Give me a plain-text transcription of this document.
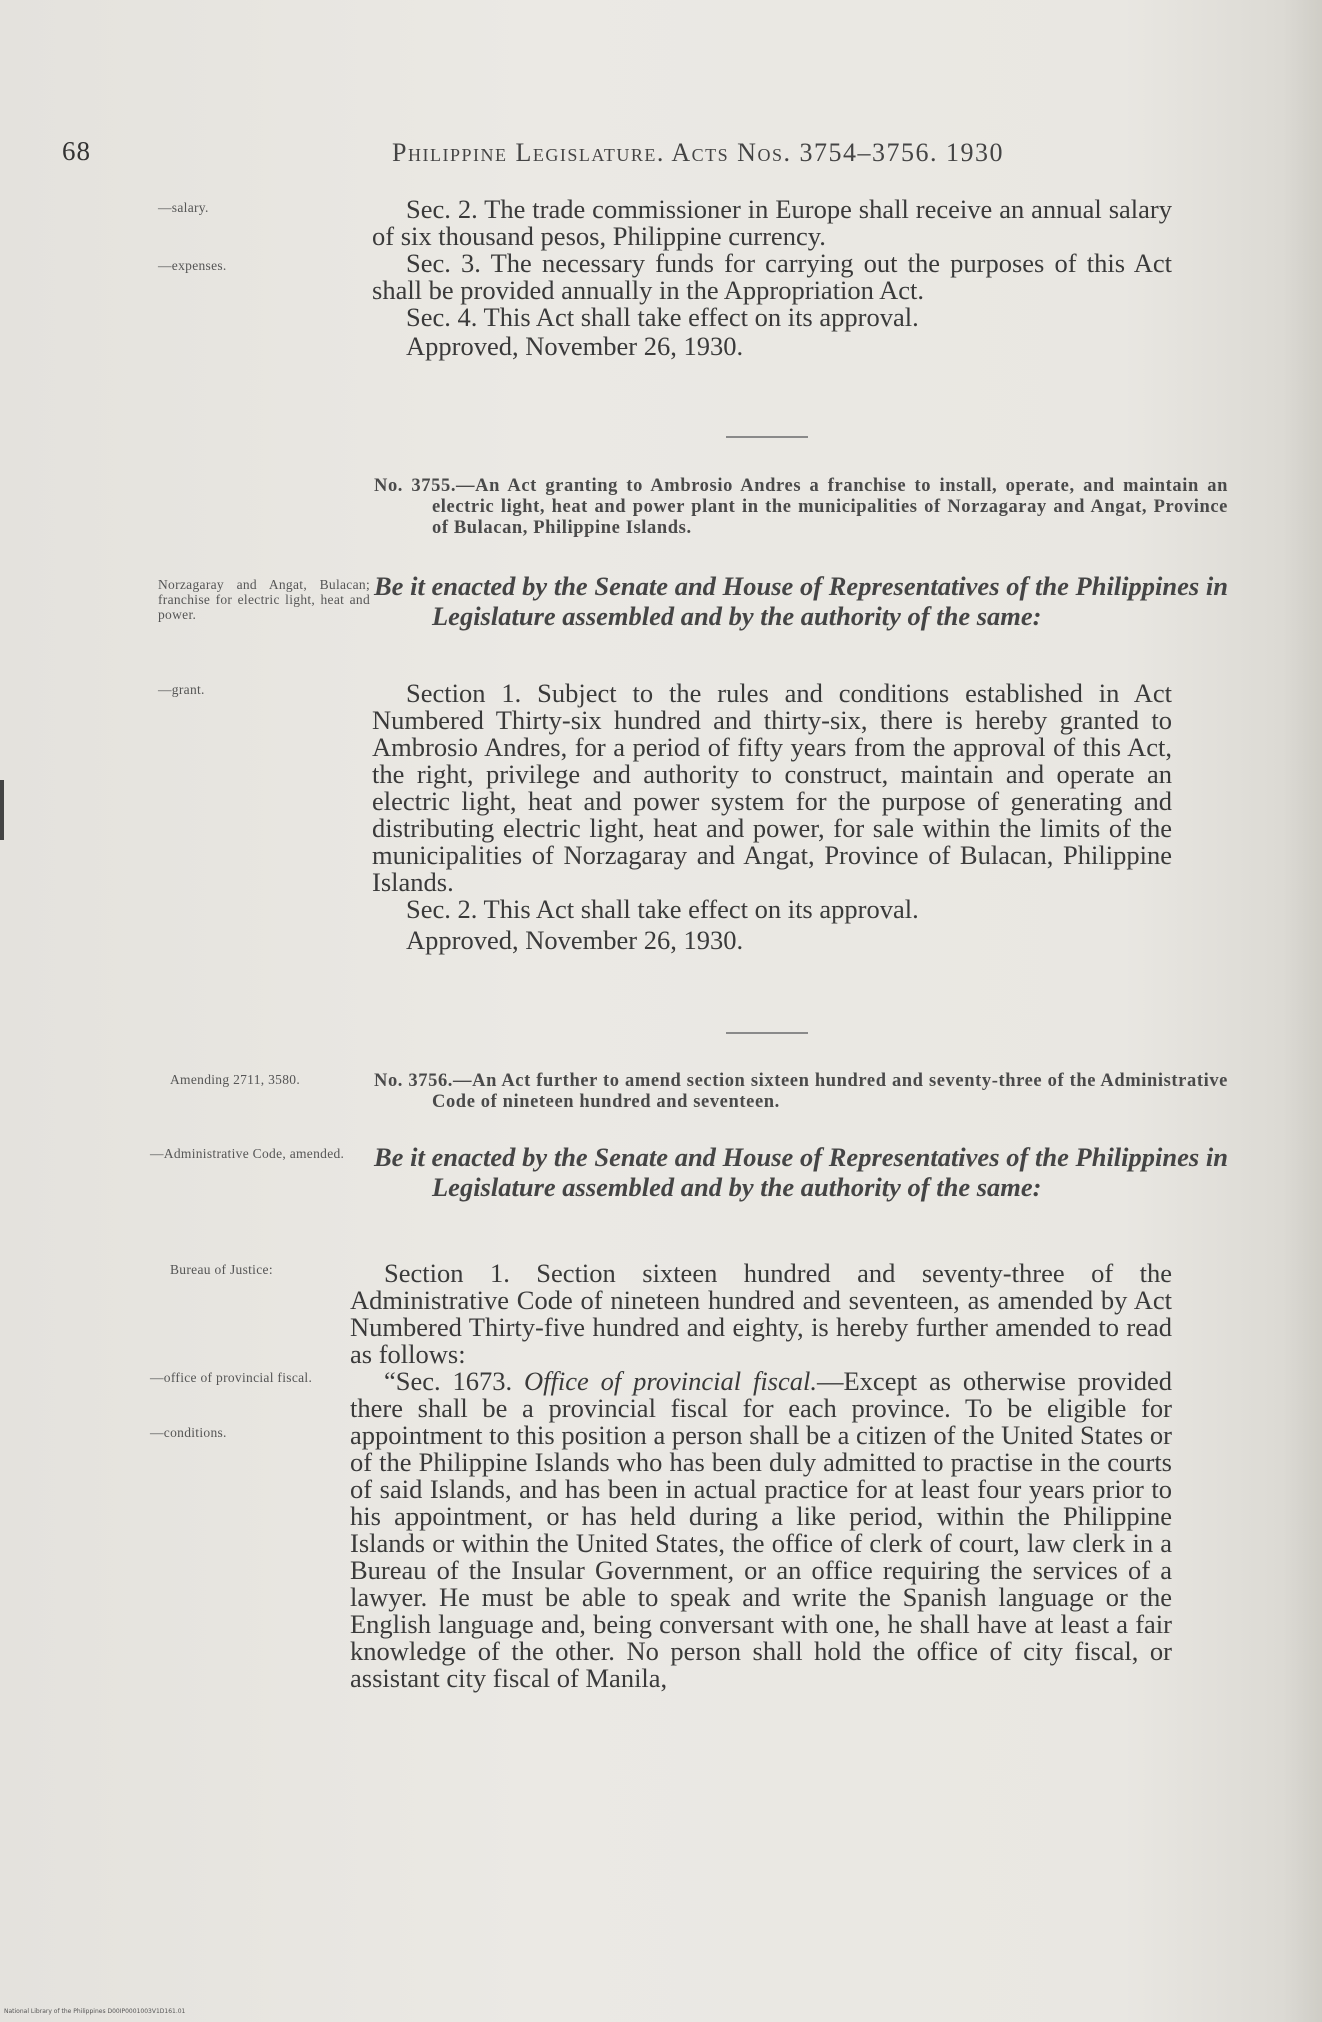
68	Philippine Legislature. Acts Nos. 3754–3756. 1930
—salary.
—expenses.

Sec. 2. The trade commissioner in Europe shall receive an annual salary of six thousand pesos, Philippine currency.

Sec. 3. The necessary funds for carrying out the purposes of this Act shall be provided annually in the Appropriation Act.

Sec. 4. This Act shall take effect on its approval.

Approved, November 26, 1930.

No. 3755.—An Act granting to Ambrosio Andres a franchise to install, operate, and maintain an electric light, heat and power plant in the municipalities of Norzagaray and Angat, Province of Bulacan, Philippine Islands.
Norzagaray and Angat, Bulacan; franchise for electric light, heat and power.
Be it enacted by the Senate and House of Representatives of the Philippines in Legislature assembled and by the authority of the same:
—grant.	Section 1. Subject to the rules and conditions established in Act Numbered Thirty-six hundred and thirty-six, there is hereby granted to Ambrosio Andres, for a period of fifty years from the approval of this Act, the right, privilege and authority to construct, maintain and operate an electric light, heat and power system for the purpose of generating and distributing electric light, heat and power, for sale within the limits of the municipalities of Norzagaray and Angat, Province of Bulacan, Philippine Islands.

Sec. 2. This Act shall take effect on its approval.

Approved, November 26, 1930.

Amending 2711, 3580.	No. 3756.—An Act further to amend section sixteen hundred and seventy-three of the Administrative Code of nineteen hundred and seventeen.
—Administrative Code, amended.	Be it enacted by the Senate and House of Representatives of the Philippines in Legislature assembled and by the authority of the same:
Bureau of Justice:
—office of provincial fiscal.
—conditions.

Section 1. Section sixteen hundred and seventy-three of the Administrative Code of nineteen hundred and seventeen, as amended by Act Numbered Thirty-five hundred and eighty, is hereby further amended to read as follows:

“Sec. 1673. Office of provincial fiscal.—Except as otherwise provided there shall be a provincial fiscal for each province. To be eligible for appointment to this position a person shall be a citizen of the United States or of the Philippine Islands who has been duly admitted to practise in the courts of said Islands, and has been in actual practice for at least four years prior to his appointment, or has held during a like period, within the Philippine Islands or within the United States, the office of clerk of court, law clerk in a Bureau of the Insular Government, or an office requiring the services of a lawyer. He must be able to speak and write the Spanish language or the English language and, being conversant with one, he shall have at least a fair knowledge of the other. No person shall hold the office of city fiscal, or assistant city fiscal of Manila,

National Library of the Philippines D00IP0001003V1D161.01
